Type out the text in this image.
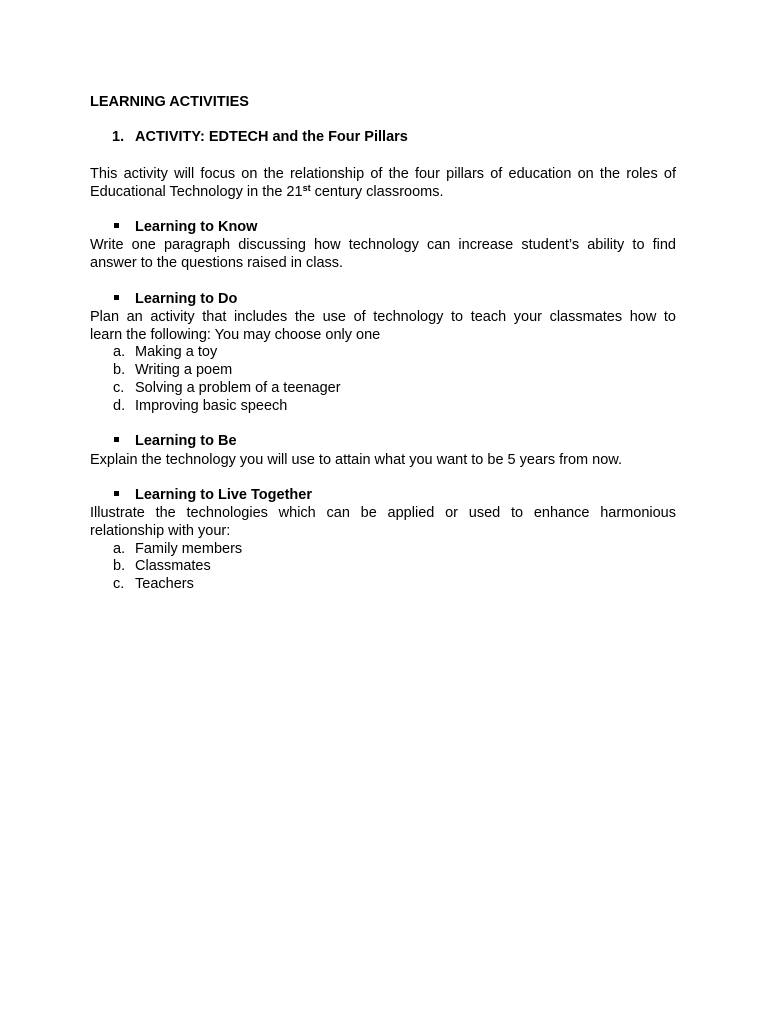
LEARNING ACTIVITIES
1. ACTIVITY: EDTECH and the Four Pillars
This activity will focus on the relationship of the four pillars of education on the roles of
Educational Technology in the 21st century classrooms.
Learning to Know
Write one paragraph discussing how technology can increase student’s ability to find
answer to the questions raised in class.
Learning to Do
Plan an activity that includes the use of technology to teach your classmates how to
learn the following: You may choose only one
a. Making a toy
b. Writing a poem
c. Solving a problem of a teenager
d. Improving basic speech
Learning to Be
Explain the technology you will use to attain what you want to be 5 years from now.
Learning to Live Together
Illustrate the technologies which can be applied or used to enhance harmonious
relationship with your:
a. Family members
b. Classmates
c. Teachers
